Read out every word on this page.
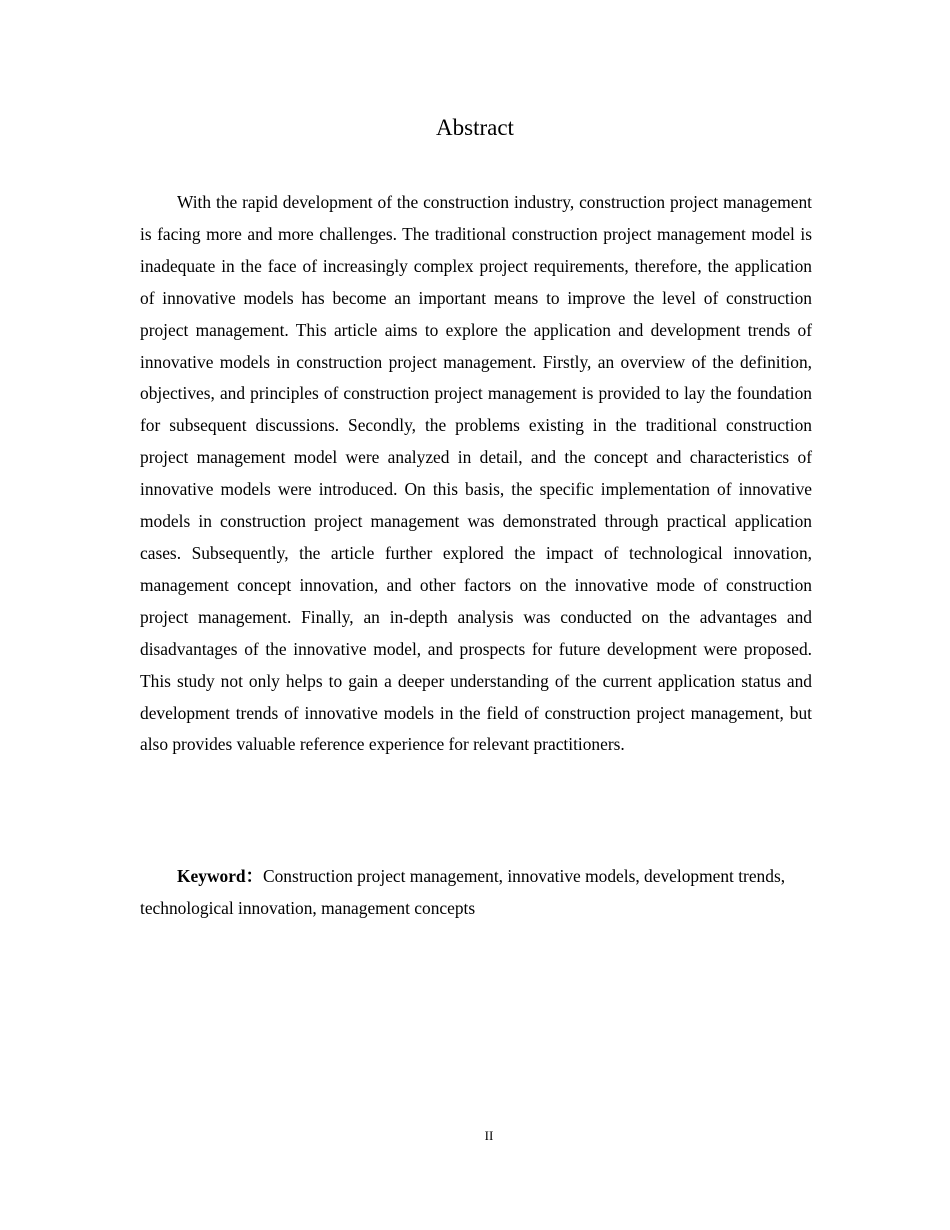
Abstract

With the rapid development of the construction industry, construction project management is facing more and more challenges. The traditional construction project management model is inadequate in the face of increasingly complex project requirements, therefore, the application of innovative models has become an important means to improve the level of construction project management. This article aims to explore the application and development trends of innovative models in construction project management. Firstly, an overview of the definition, objectives, and principles of construction project management is provided to lay the foundation for subsequent discussions. Secondly, the problems existing in the traditional construction project management model were analyzed in detail, and the concept and characteristics of innovative models were introduced. On this basis, the specific implementation of innovative models in construction project management was demonstrated through practical application cases. Subsequently, the article further explored the impact of technological innovation, management concept innovation, and other factors on the innovative mode of construction project management. Finally, an in-depth analysis was conducted on the advantages and disadvantages of the innovative model, and prospects for future development were proposed. This study not only helps to gain a deeper understanding of the current application status and development trends of innovative models in the field of construction project management, but also provides valuable reference experience for relevant practitioners.

Keyword：Construction project management, innovative models, development trends, technological innovation, management concepts

II
